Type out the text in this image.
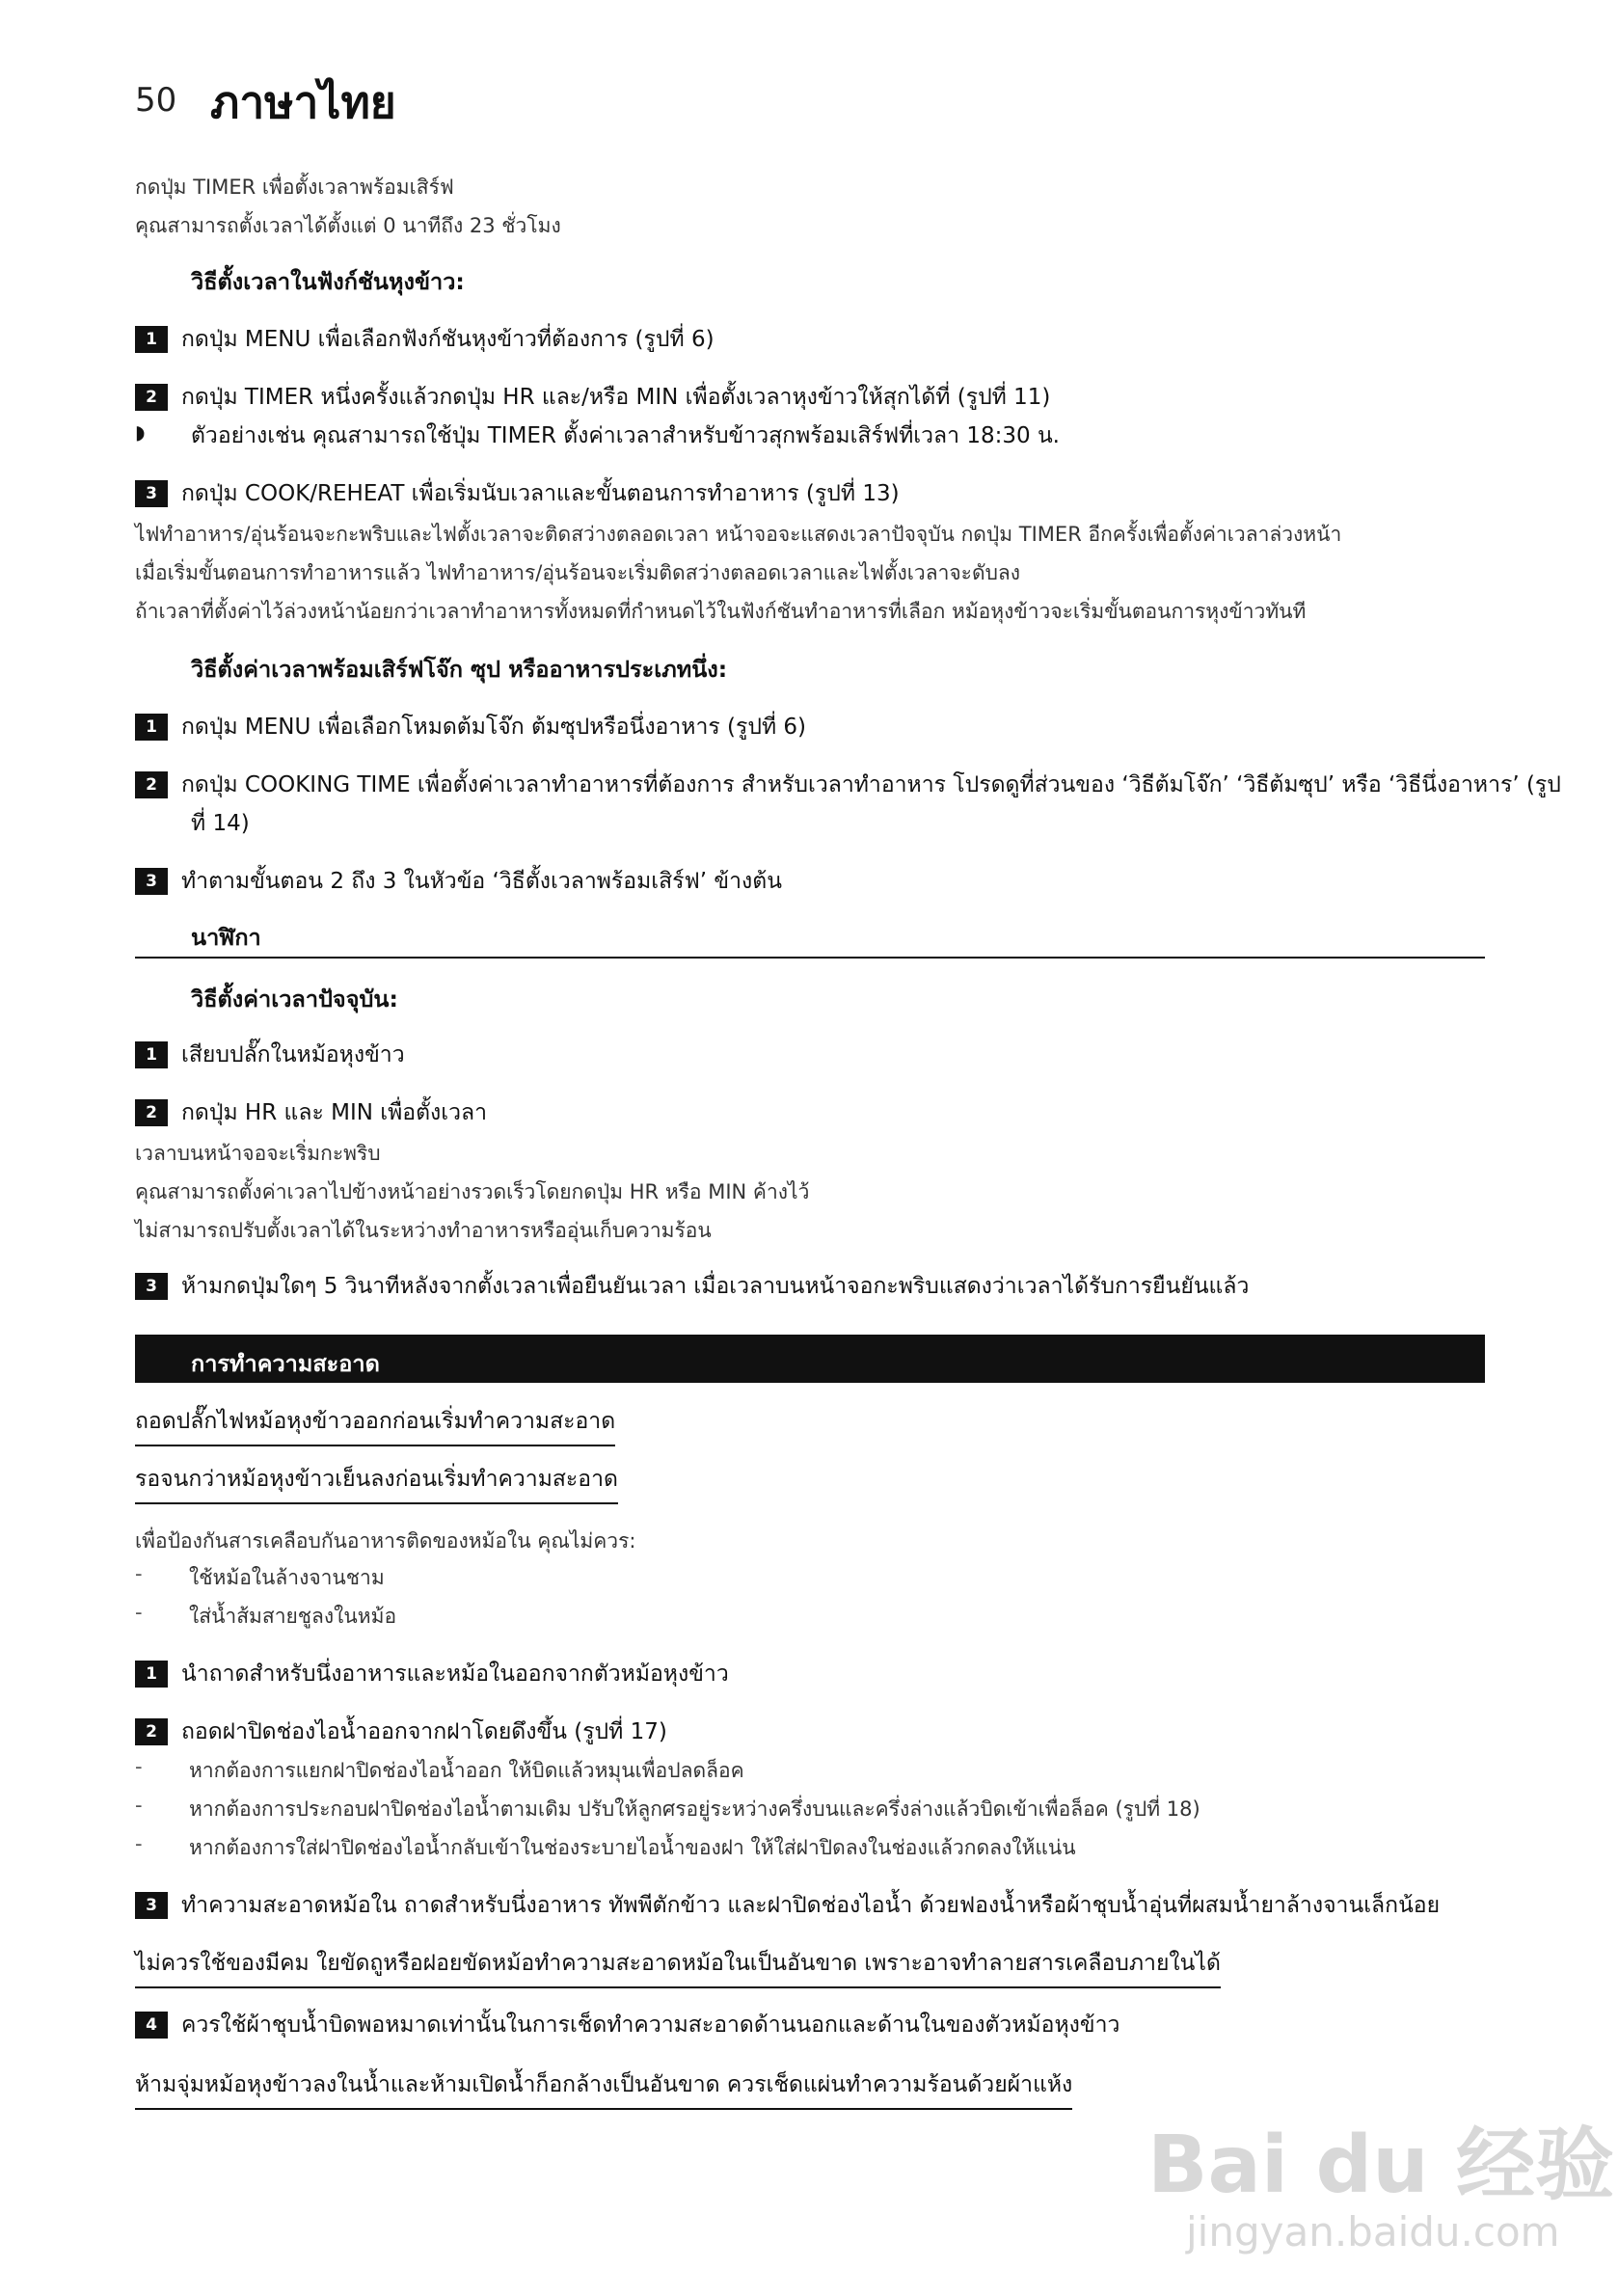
50 ภาษาไทย
กดปุ่ม TIMER เพื่อตั้งเวลาพร้อมเสิร์ฟ
คุณสามารถตั้งเวลาได้ตั้งแต่ 0 นาทีถึง 23 ชั่วโมง
วิธีตั้งเวลาในฟังก์ชันหุงข้าว:
1	กดปุ่ม MENU เพื่อเลือกฟังก์ชันหุงข้าวที่ต้องการ (รูปที่ 6)
2	กดปุ่ม TIMER หนึ่งครั้งแล้วกดปุ่ม HR และ/หรือ MIN เพื่อตั้งเวลาหุงข้าวให้สุกได้ที่ (รูปที่ 11)
◗ ตัวอย่างเช่น คุณสามารถใช้ปุ่ม TIMER ตั้งค่าเวลาสำหรับข้าวสุกพร้อมเสิร์ฟที่เวลา 18:30 น.
3	กดปุ่ม COOK/REHEAT เพื่อเริ่มนับเวลาและขั้นตอนการทำอาหาร (รูปที่ 13)
ไฟทำอาหาร/อุ่นร้อนจะกะพริบและไฟตั้งเวลาจะติดสว่างตลอดเวลา หน้าจอจะแสดงเวลาปัจจุบัน กดปุ่ม TIMER อีกครั้งเพื่อตั้งค่าเวลาล่วงหน้า
เมื่อเริ่มขั้นตอนการทำอาหารแล้ว ไฟทำอาหาร/อุ่นร้อนจะเริ่มติดสว่างตลอดเวลาและไฟตั้งเวลาจะดับลง
ถ้าเวลาที่ตั้งค่าไว้ล่วงหน้าน้อยกว่าเวลาทำอาหารทั้งหมดที่กำหนดไว้ในฟังก์ชันทำอาหารที่เลือก หม้อหุงข้าวจะเริ่มขั้นตอนการหุงข้าวทันที
วิธีตั้งค่าเวลาพร้อมเสิร์ฟโจ๊ก ซุป หรืออาหารประเภทนึ่ง:
1	กดปุ่ม MENU เพื่อเลือกโหมดต้มโจ๊ก ต้มซุปหรือนึ่งอาหาร (รูปที่ 6)
2	กดปุ่ม COOKING TIME เพื่อตั้งค่าเวลาทำอาหารที่ต้องการ สำหรับเวลาทำอาหาร โปรดดูที่ส่วนของ ‘วิธีต้มโจ๊ก’ ‘วิธีต้มซุป’ หรือ ‘วิธีนึ่งอาหาร’ (รูป
ที่ 14)
3	ทำตามขั้นตอน 2 ถึง 3 ในหัวข้อ ‘วิธีตั้งเวลาพร้อมเสิร์ฟ’ ข้างต้น
นาฬิกา
วิธีตั้งค่าเวลาปัจจุบัน:
1	เสียบปลั๊กในหม้อหุงข้าว
2	กดปุ่ม HR และ MIN เพื่อตั้งเวลา
เวลาบนหน้าจอจะเริ่มกะพริบ
คุณสามารถตั้งค่าเวลาไปข้างหน้าอย่างรวดเร็วโดยกดปุ่ม HR หรือ MIN ค้างไว้
ไม่สามารถปรับตั้งเวลาได้ในระหว่างทำอาหารหรืออุ่นเก็บความร้อน
3	ห้ามกดปุ่มใดๆ 5 วินาทีหลังจากตั้งเวลาเพื่อยืนยันเวลา เมื่อเวลาบนหน้าจอกะพริบแสดงว่าเวลาได้รับการยืนยันแล้ว
การทำความสะอาด
ถอดปลั๊กไฟหม้อหุงข้าวออกก่อนเริ่มทำความสะอาด
รอจนกว่าหม้อหุงข้าวเย็นลงก่อนเริ่มทำความสะอาด
เพื่อป้องกันสารเคลือบกันอาหารติดของหม้อใน คุณไม่ควร:
- ใช้หม้อในล้างจานชาม
- ใส่น้ำส้มสายชูลงในหม้อ
1	นำถาดสำหรับนึ่งอาหารและหม้อในออกจากตัวหม้อหุงข้าว
2	ถอดฝาปิดช่องไอน้ำออกจากฝาโดยดึงขึ้น (รูปที่ 17)
- หากต้องการแยกฝาปิดช่องไอน้ำออก ให้บิดแล้วหมุนเพื่อปลดล็อค
- หากต้องการประกอบฝาปิดช่องไอน้ำตามเดิม ปรับให้ลูกศรอยู่ระหว่างครึ่งบนและครึ่งล่างแล้วบิดเข้าเพื่อล็อค (รูปที่ 18)
- หากต้องการใส่ฝาปิดช่องไอน้ำกลับเข้าในช่องระบายไอน้ำของฝา ให้ใส่ฝาปิดลงในช่องแล้วกดลงให้แน่น
3	ทำความสะอาดหม้อใน ถาดสำหรับนึ่งอาหาร ทัพพีตักข้าว และฝาปิดช่องไอน้ำ ด้วยฟองน้ำหรือผ้าชุบน้ำอุ่นที่ผสมน้ำยาล้างจานเล็กน้อย
ไม่ควรใช้ของมีคม ใยขัดถูหรือฝอยขัดหม้อทำความสะอาดหม้อในเป็นอันขาด เพราะอาจทำลายสารเคลือบภายในได้
4	ควรใช้ผ้าชุบน้ำบิดพอหมาดเท่านั้นในการเช็ดทำความสะอาดด้านนอกและด้านในของตัวหม้อหุงข้าว
ห้ามจุ่มหม้อหุงข้าวลงในน้ำและห้ามเปิดน้ำก็อกล้างเป็นอันขาด ควรเช็ดแผ่นทำความร้อนด้วยผ้าแห้ง
Bai du 经验
jingyan.baidu.com
